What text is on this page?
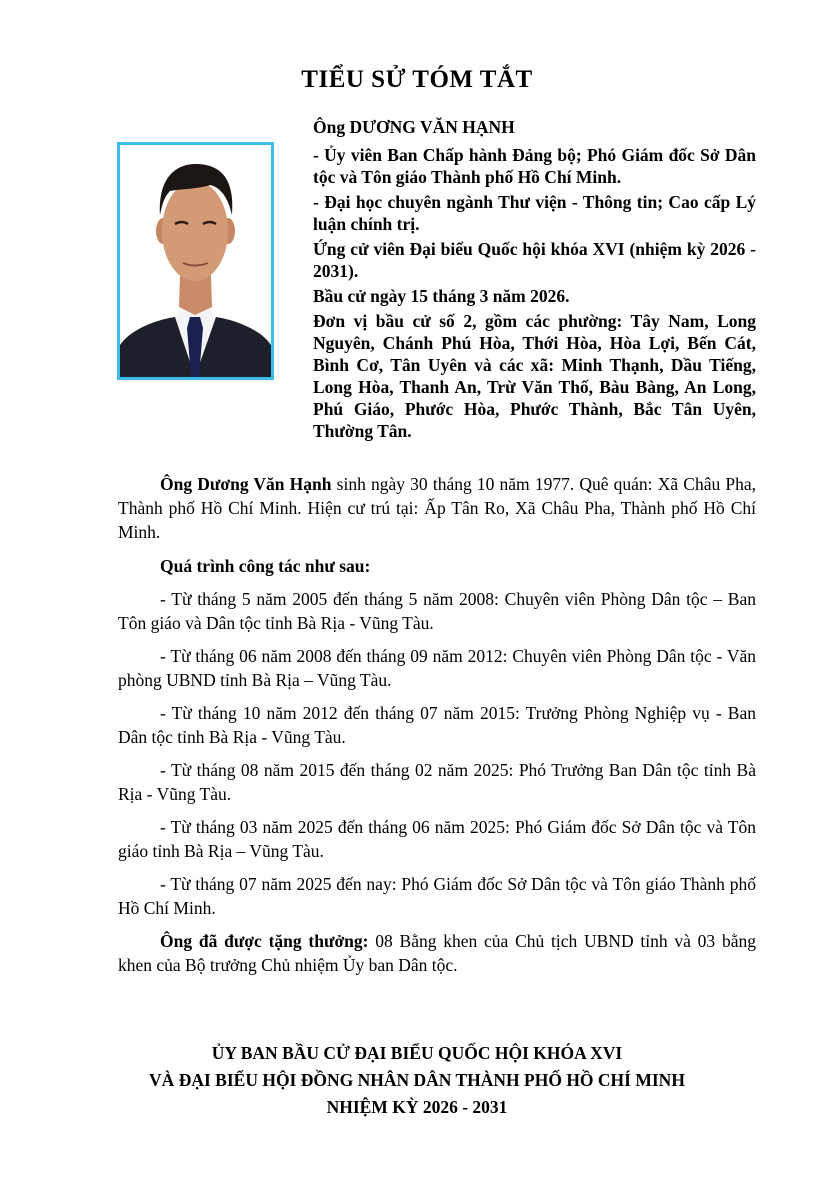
TIỂU SỬ TÓM TẮT

Ông DƯƠNG VĂN HẠNH

- Ủy viên Ban Chấp hành Đảng bộ; Phó Giám đốc Sở Dân tộc và Tôn giáo Thành phố Hồ Chí Minh.

- Đại học chuyên ngành Thư viện - Thông tin; Cao cấp Lý luận chính trị.

Ứng cử viên Đại biểu Quốc hội khóa XVI (nhiệm kỳ 2026 - 2031).

Bầu cử ngày 15 tháng 3 năm 2026.

Đơn vị bầu cử số 2, gồm các phường: Tây Nam, Long Nguyên, Chánh Phú Hòa, Thới Hòa, Hòa Lợi, Bến Cát, Bình Cơ, Tân Uyên và các xã: Minh Thạnh, Dầu Tiếng, Long Hòa, Thanh An, Trừ Văn Thố, Bàu Bàng, An Long, Phú Giáo, Phước Hòa, Phước Thành, Bắc Tân Uyên, Thường Tân.

Ông Dương Văn Hạnh sinh ngày 30 tháng 10 năm 1977. Quê quán: Xã Châu Pha, Thành phố Hồ Chí Minh. Hiện cư trú tại: Ấp Tân Ro, Xã Châu Pha, Thành phố Hồ Chí Minh.

Quá trình công tác như sau:

- Từ tháng 5 năm 2005 đến tháng 5 năm 2008: Chuyên viên Phòng Dân tộc – Ban Tôn giáo và Dân tộc tỉnh Bà Rịa - Vũng Tàu.

- Từ tháng 06 năm 2008 đến tháng 09 năm 2012: Chuyên viên Phòng Dân tộc - Văn phòng UBND tỉnh Bà Rịa – Vũng Tàu.

- Từ tháng 10 năm 2012 đến tháng 07 năm 2015: Trưởng Phòng Nghiệp vụ - Ban Dân tộc tỉnh Bà Rịa - Vũng Tàu.

- Từ tháng 08 năm 2015 đến tháng 02 năm 2025: Phó Trưởng Ban Dân tộc tỉnh Bà Rịa - Vũng Tàu.

- Từ tháng 03 năm 2025 đến tháng 06 năm 2025: Phó Giám đốc Sở Dân tộc và Tôn giáo tỉnh Bà Rịa – Vũng Tàu.

- Từ tháng 07 năm 2025 đến nay: Phó Giám đốc Sở Dân tộc và Tôn giáo Thành phố Hồ Chí Minh.

Ông đã được tặng thưởng: 08 Bằng khen của Chủ tịch UBND tỉnh và 03 bằng khen của Bộ trưởng Chủ nhiệm Ủy ban Dân tộc.

ỦY BAN BẦU CỬ ĐẠI BIỂU QUỐC HỘI KHÓA XVI
VÀ ĐẠI BIỂU HỘI ĐỒNG NHÂN DÂN THÀNH PHỐ HỒ CHÍ MINH
NHIỆM KỲ 2026 - 2031
